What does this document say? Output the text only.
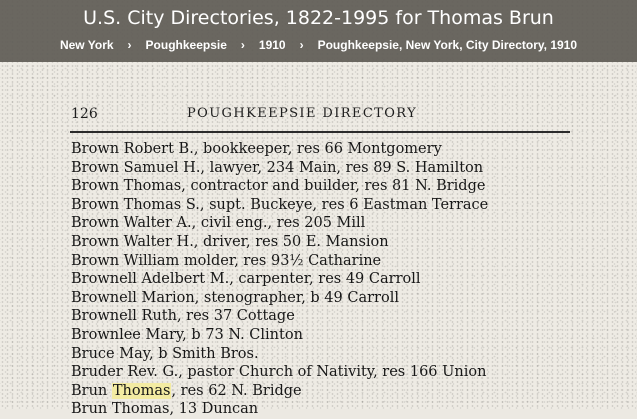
126	POUGHKEEPSIE DIRECTORY
Brown Robert B., bookkeeper, res 66 Montgomery
Brown Samuel H., lawyer, 234 Main, res 89 S. Hamilton
Brown Thomas, contractor and builder, res 81 N. Bridge
Brown Thomas S., supt. Buckeye, res 6 Eastman Terrace
Brown Walter A., civil eng., res 205 Mill
Brown Walter H., driver, res 50 E. Mansion
Brown William molder, res 93½ Catharine
Brownell Adelbert M., carpenter, res 49 Carroll
Brownell Marion, stenographer, b 49 Carroll
Brownell Ruth, res 37 Cottage
Brownlee Mary, b 73 N. Clinton
Bruce May, b Smith Bros.
Bruder Rev. G., pastor Church of Nativity, res 166 Union
Brun Thomas, res 62 N. Bridge
Brun Thomas, 13 Duncan
U.S. City Directories, 1822-1995 for Thomas Brun
New York › Poughkeepsie › 1910 › Poughkeepsie, New York, City Directory, 1910
